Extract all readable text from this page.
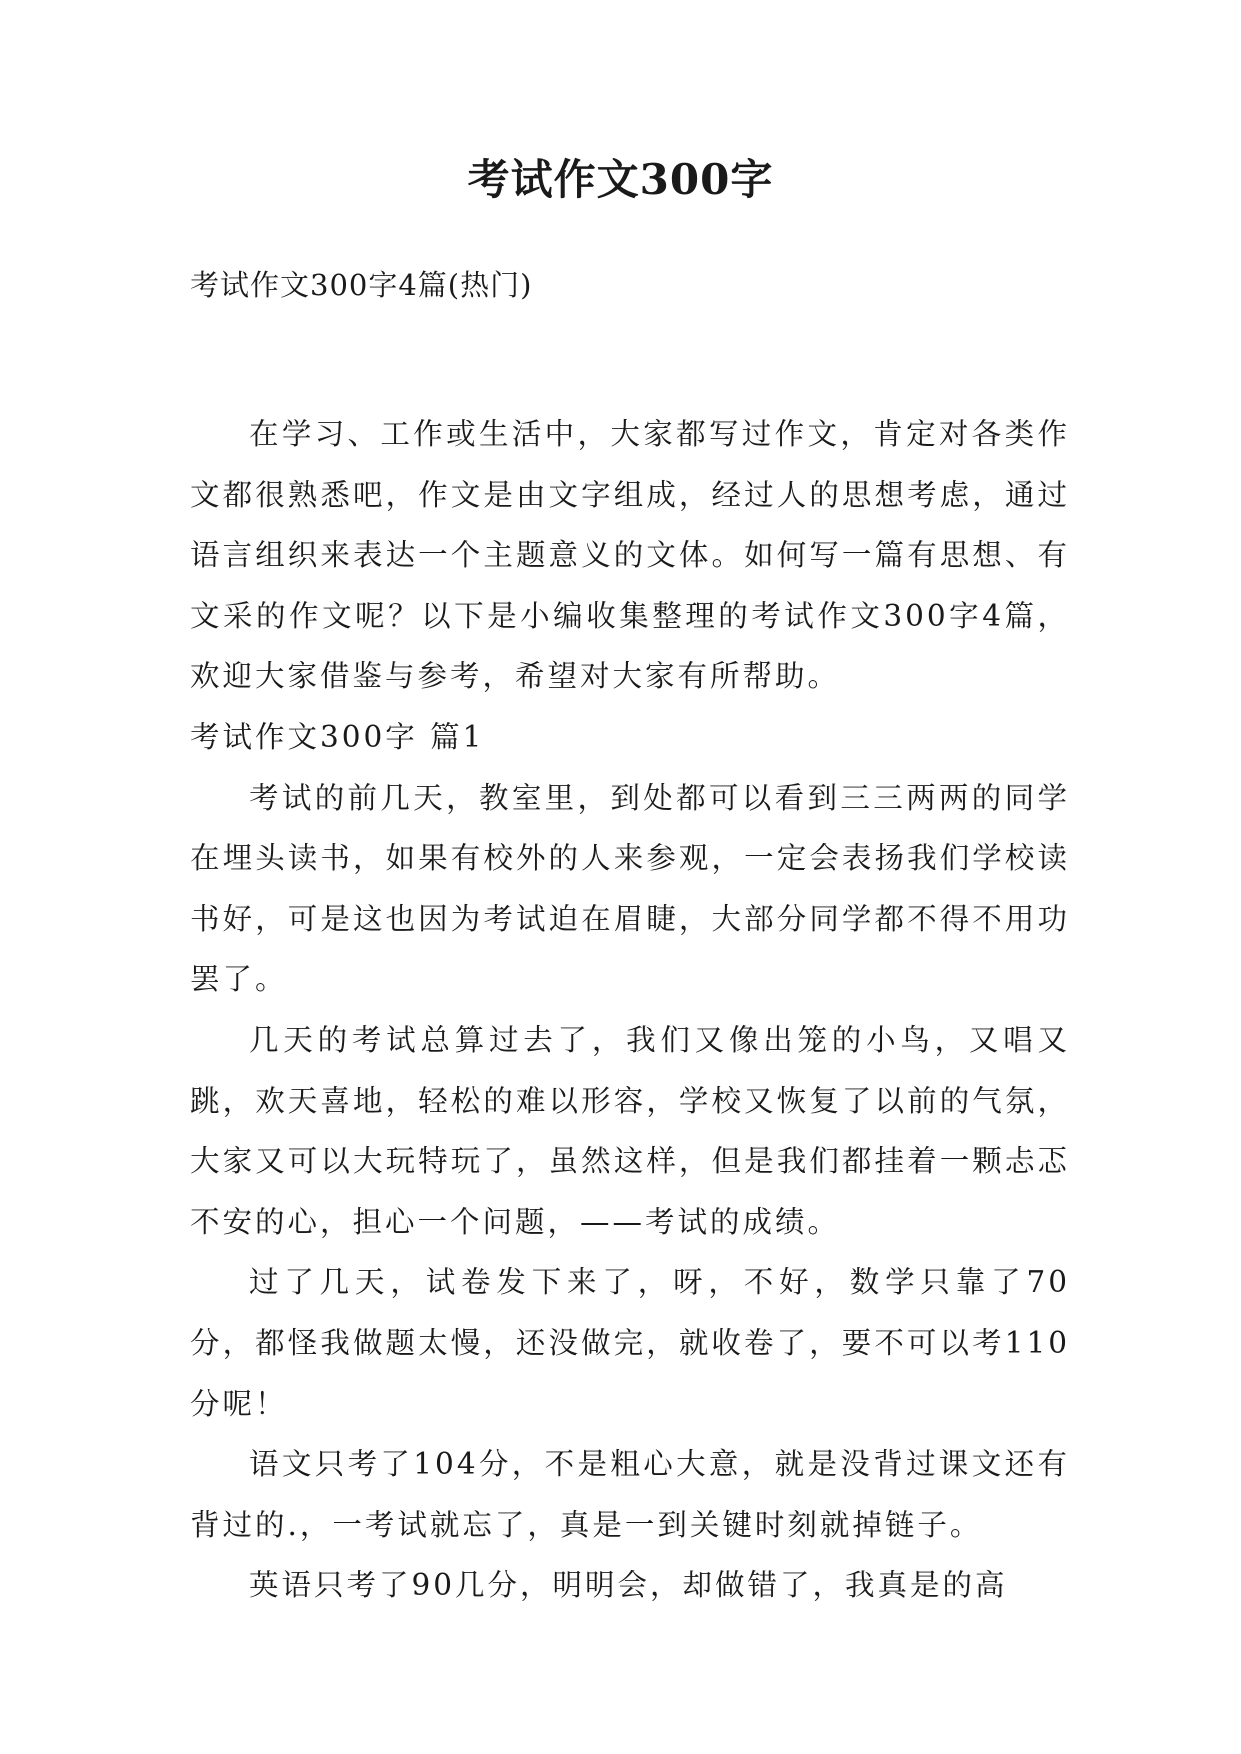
考试作文300字
考试作文300字4篇(热门)

在学习、工作或生活中，大家都写过作文，肯定对各类作文都很熟悉吧，作文是由文字组成，经过人的思想考虑，通过语言组织来表达一个主题意义的文体。如何写一篇有思想、有文采的作文呢？以下是小编收集整理的考试作文300字4篇，欢迎大家借鉴与参考，希望对大家有所帮助。

考试作文300字 篇1

考试的前几天，教室里，到处都可以看到三三两两的同学在埋头读书，如果有校外的人来参观，一定会表扬我们学校读书好，可是这也因为考试迫在眉睫，大部分同学都不得不用功罢了。

几天的考试总算过去了，我们又像出笼的小鸟，又唱又跳，欢天喜地，轻松的难以形容，学校又恢复了以前的气氛，大家又可以大玩特玩了，虽然这样，但是我们都挂着一颗忐忑不安的心，担心一个问题，——考试的成绩。

过了几天，试卷发下来了，呀，不好，数学只靠了70分，都怪我做题太慢，还没做完，就收卷了，要不可以考110分呢！

语文只考了104分，不是粗心大意，就是没背过课文还有背过的.，一考试就忘了，真是一到关键时刻就掉链子。

英语只考了90几分，明明会，却做错了，我真是的高
